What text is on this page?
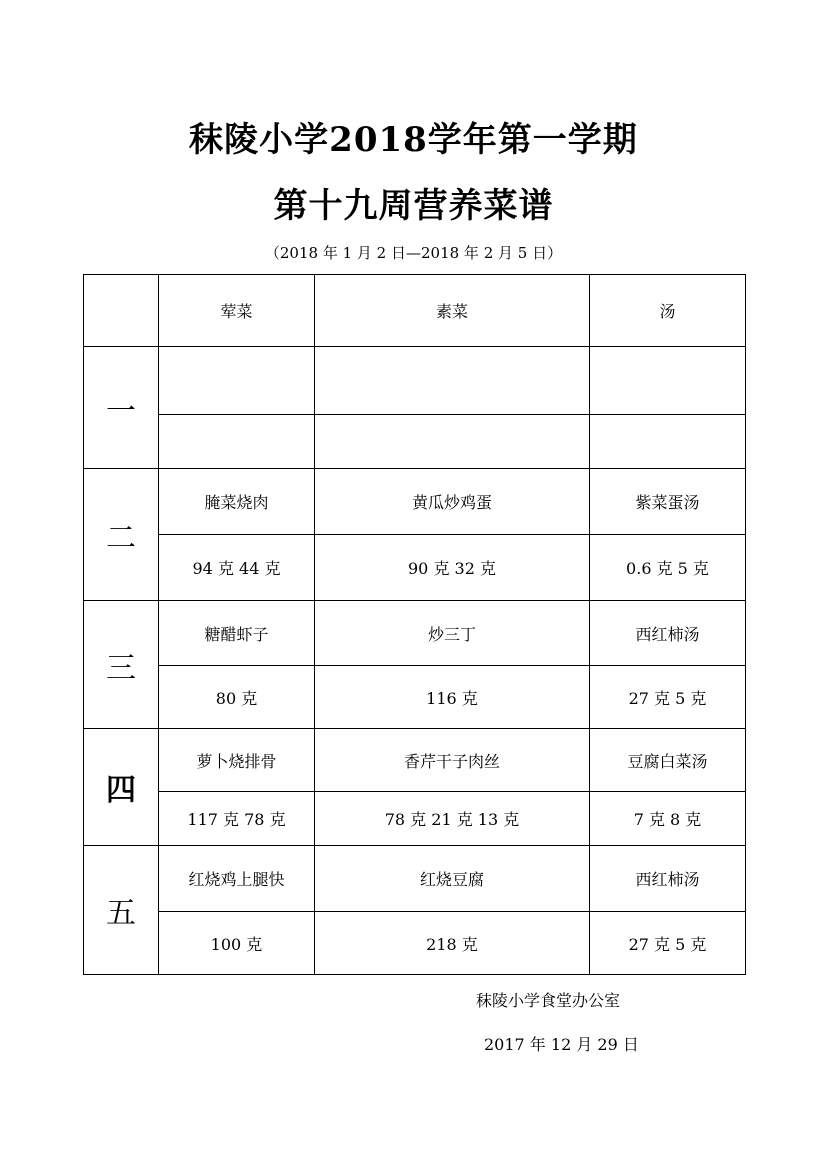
秣陵小学2018学年第一学期
第十九周营养菜谱
（2018 年 1 月 2 日—2018 年 2 月 5 日）
	荤菜	素菜	汤
一			

二	腌菜烧肉	黄瓜炒鸡蛋	紫菜蛋汤
	94 克 44 克	90 克 32 克	0.6 克 5 克
三	糖醋虾子	炒三丁	西红柿汤
	80 克	116 克	27 克 5 克
四	萝卜烧排骨	香芹干子肉丝	豆腐白菜汤
	117 克 78 克	78 克 21 克 13 克	7 克 8 克
五	红烧鸡上腿快	红烧豆腐	西红柿汤
	100 克	218 克	27 克 5 克
秣陵小学食堂办公室
2017 年 12 月 29 日
